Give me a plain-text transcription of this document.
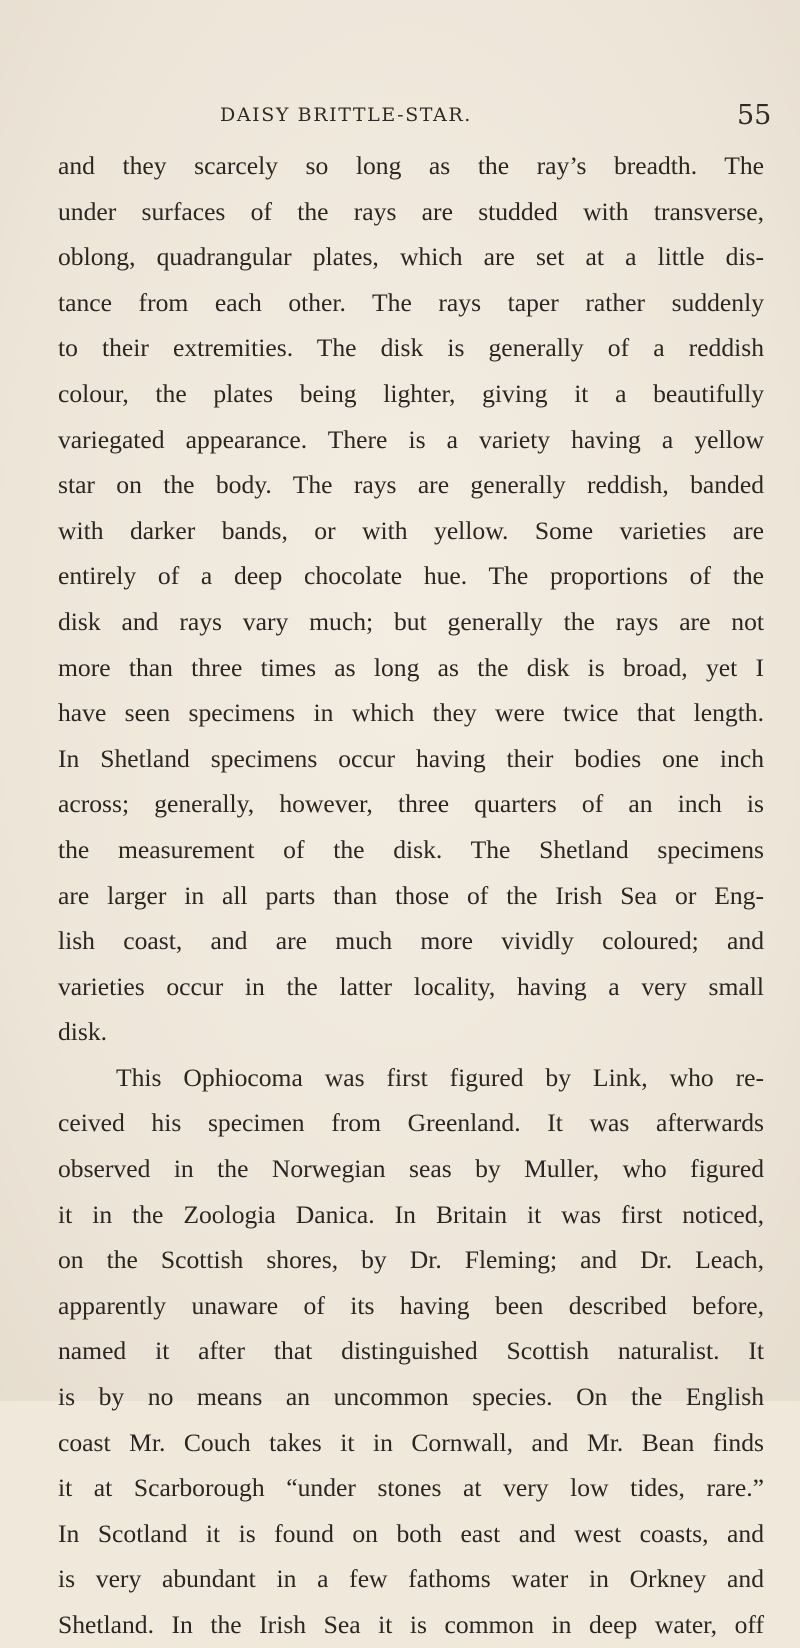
DAISY BRITTLE-STAR.	55
and they scarcely so long as the ray’s breadth. The
under surfaces of the rays are studded with transverse,
oblong, quadrangular plates, which are set at a little dis-
tance from each other. The rays taper rather suddenly
to their extremities. The disk is generally of a reddish
colour, the plates being lighter, giving it a beautifully
variegated appearance. There is a variety having a yellow
star on the body. The rays are generally reddish, banded
with darker bands, or with yellow. Some varieties are
entirely of a deep chocolate hue. The proportions of the
disk and rays vary much; but generally the rays are not
more than three times as long as the disk is broad, yet I
have seen specimens in which they were twice that length.
In Shetland specimens occur having their bodies one inch
across; generally, however, three quarters of an inch is
the measurement of the disk. The Shetland specimens
are larger in all parts than those of the Irish Sea or Eng-
lish coast, and are much more vividly coloured; and
varieties occur in the latter locality, having a very small
disk.
This Ophiocoma was first figured by Link, who re-
ceived his specimen from Greenland. It was afterwards
observed in the Norwegian seas by Muller, who figured
it in the Zoologia Danica. In Britain it was first noticed,
on the Scottish shores, by Dr. Fleming; and Dr. Leach,
apparently unaware of its having been described before,
named it after that distinguished Scottish naturalist. It
is by no means an uncommon species. On the English
coast Mr. Couch takes it in Cornwall, and Mr. Bean finds
it at Scarborough “under stones at very low tides, rare.”
In Scotland it is found on both east and west coasts, and
is very abundant in a few fathoms water in Orkney and
Shetland. In the Irish Sea it is common in deep water, off
